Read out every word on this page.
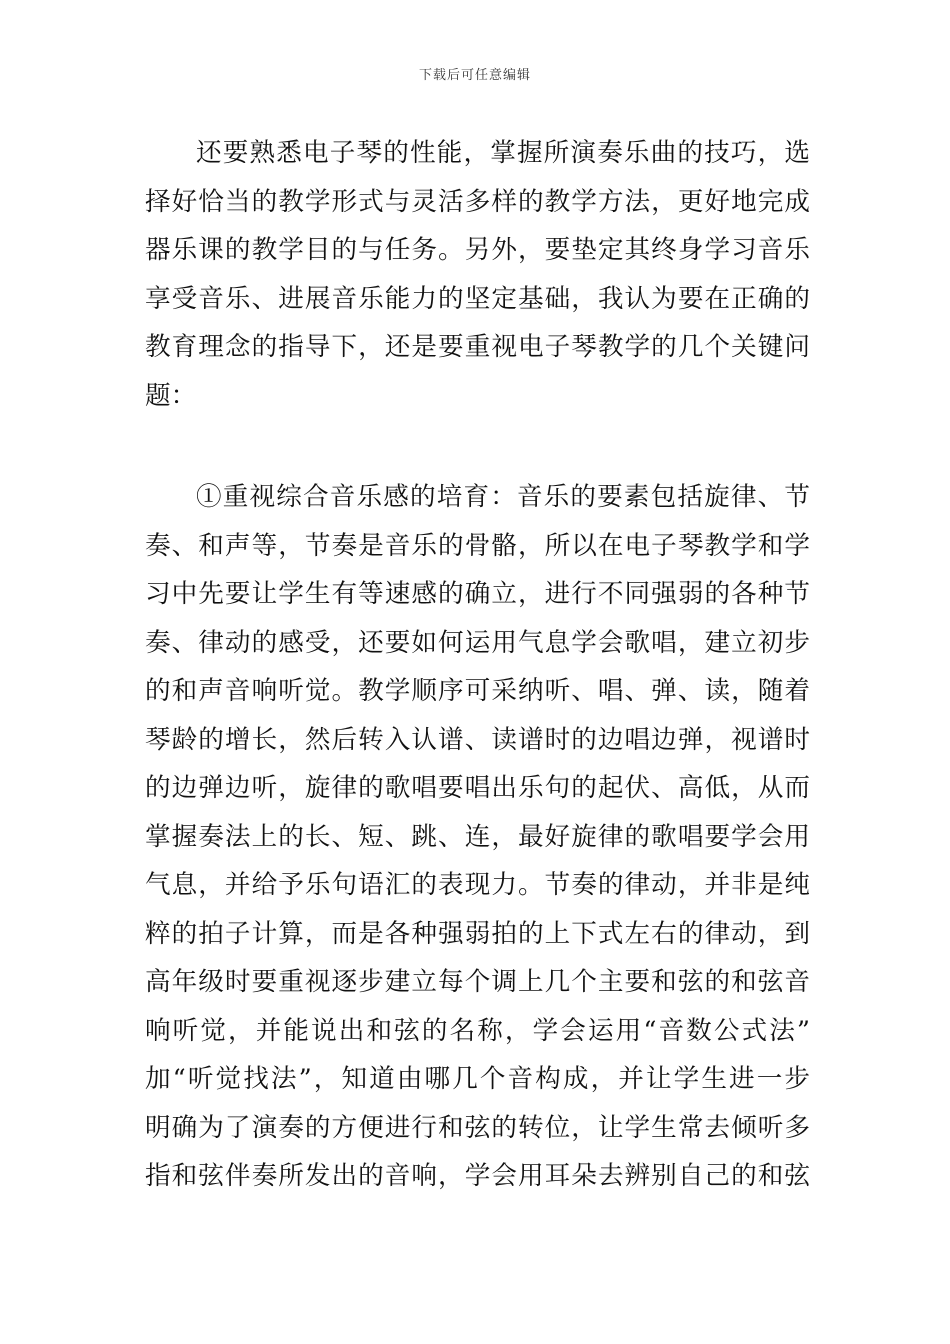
下载后可任意编辑
还要熟悉电子琴的性能，掌握所演奏乐曲的技巧，选
择好恰当的教学形式与灵活多样的教学方法，更好地完成
器乐课的教学目的与任务。另外，要垫定其终身学习音乐
享受音乐、进展音乐能力的坚定基础，我认为要在正确的
教育理念的指导下，还是要重视电子琴教学的几个关键问
题：
①重视综合音乐感的培育：音乐的要素包括旋律、节
奏、和声等，节奏是音乐的骨骼，所以在电子琴教学和学
习中先要让学生有等速感的确立，进行不同强弱的各种节
奏、律动的感受，还要如何运用气息学会歌唱，建立初步
的和声音响听觉。教学顺序可采纳听、唱、弹、读，随着
琴龄的增长，然后转入认谱、读谱时的边唱边弹，视谱时
的边弹边听，旋律的歌唱要唱出乐句的起伏、高低，从而
掌握奏法上的长、短、跳、连，最好旋律的歌唱要学会用
气息，并给予乐句语汇的表现力。节奏的律动，并非是纯
粹的拍子计算，而是各种强弱拍的上下式左右的律动，到
高年级时要重视逐步建立每个调上几个主要和弦的和弦音
响听觉，并能说出和弦的名称，学会运用“音数公式法”
加“听觉找法”，知道由哪几个音构成，并让学生进一步
明确为了演奏的方便进行和弦的转位，让学生常去倾听多
指和弦伴奏所发出的音响，学会用耳朵去辨别自己的和弦
